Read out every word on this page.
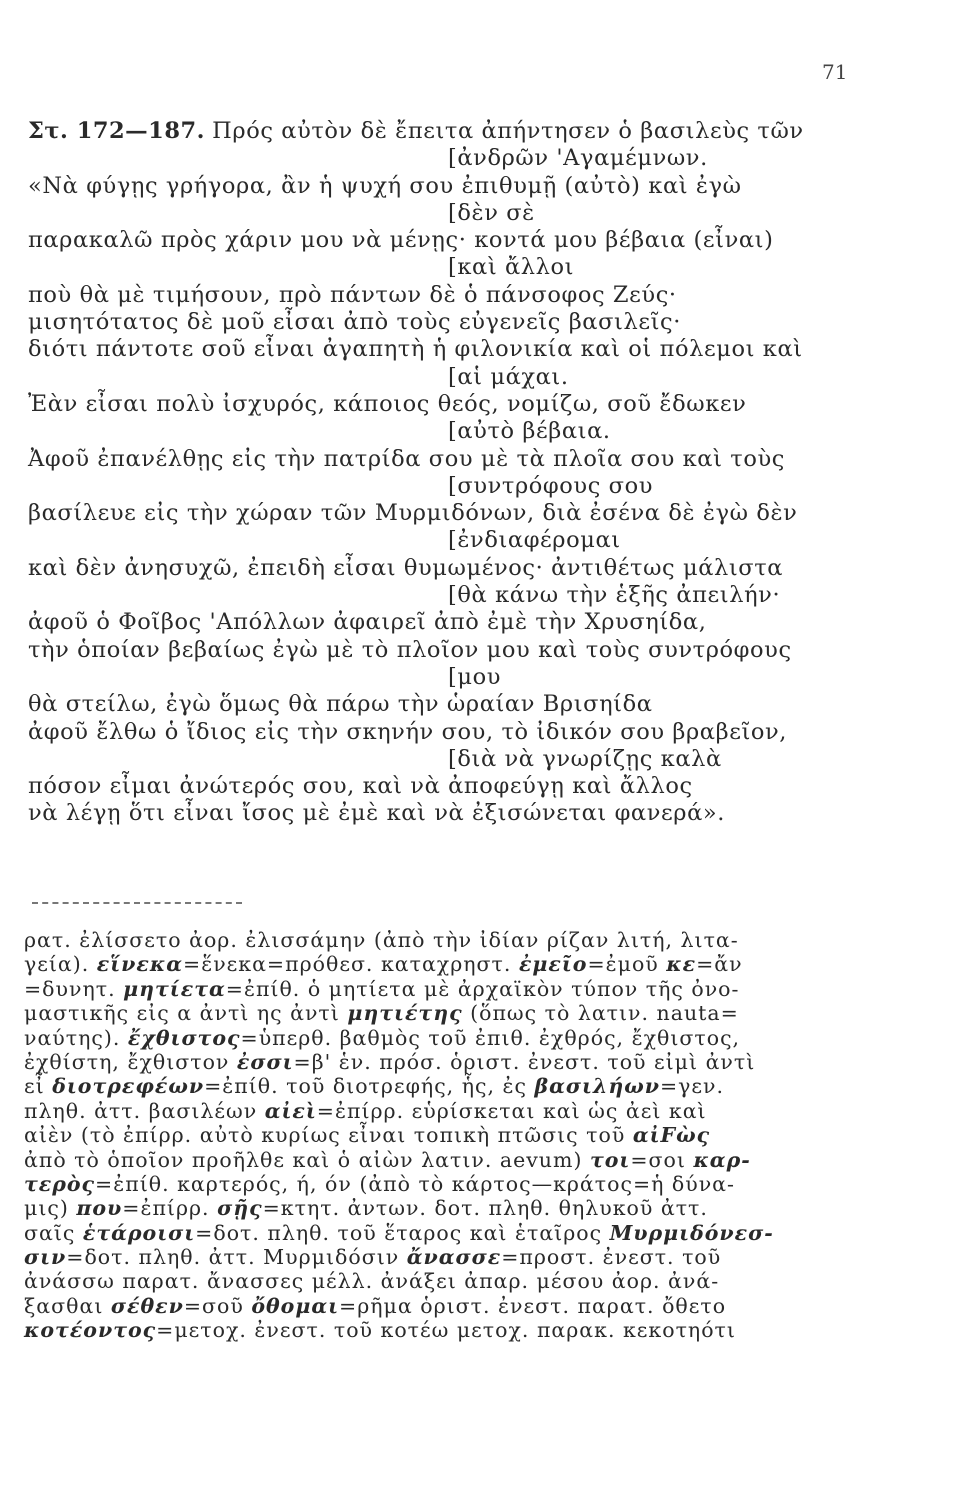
71
Στ. 172—187. Πρός αὐτὸν δὲ ἔπειτα ἀπήντησεν ὁ βασιλεὺς τῶν
[ἀνδρῶν 'Αγαμέμνων.
«Νὰ φύγῃς γρήγορα, ἂν ἡ ψυχή σου ἐπιθυμῇ (αὐτὸ) καὶ ἐγὼ
[δὲν σὲ
παρακαλῶ πρὸς χάριν μου νὰ μένῃς· κοντά μου βέβαια (εἶναι)
[καὶ ἄλλοι
ποὺ θὰ μὲ τιμήσουν, πρὸ πάντων δὲ ὁ πάνσοφος Ζεύς·
μισητότατος δὲ μοῦ εἶσαι ἀπὸ τοὺς εὐγενεῖς βασιλεῖς·
διότι πάντοτε σοῦ εἶναι ἀγαπητὴ ἡ φιλονικία καὶ οἱ πόλεμοι καὶ
[αἱ μάχαι.
Ἐὰν εἶσαι πολὺ ἰσχυρός, κάποιος θεός, νομίζω, σοῦ ἔδωκεν
[αὐτὸ βέβαια.
Ἀφοῦ ἐπανέλθῃς εἰς τὴν πατρίδα σου μὲ τὰ πλοῖα σου καὶ τοὺς
[συντρόφους σου
βασίλευε εἰς τὴν χώραν τῶν Μυρμιδόνων, διὰ ἐσένα δὲ ἐγὼ δὲν
[ἐνδιαφέρομαι
καὶ δὲν ἀνησυχῶ, ἐπειδὴ εἶσαι θυμωμένος· ἀντιθέτως μάλιστα
[θὰ κάνω τὴν ἑξῆς ἀπειλήν·
ἀφοῦ ὁ Φοῖβος 'Απόλλων ἀφαιρεῖ ἀπὸ ἐμὲ τὴν Χρυσηίδα,
τὴν ὁποίαν βεβαίως ἐγὼ μὲ τὸ πλοῖον μου καὶ τοὺς συντρόφους
[μου
θὰ στείλω, ἐγὼ ὅμως θὰ πάρω τὴν ὡραίαν Βρισηίδα
ἀφοῦ ἔλθω ὁ ἴδιος εἰς τὴν σκηνήν σου, τὸ ἰδικόν σου βραβεῖον,
[διὰ νὰ γνωρίζῃς καλὰ
πόσον εἶμαι ἀνώτερός σου, καὶ νὰ ἀποφεύγῃ καὶ ἄλλος
νὰ λέγῃ ὅτι εἶναι ἴσος μὲ ἐμὲ καὶ νὰ ἐξισώνεται φανερά».
ρατ. ἐλίσσετο ἀορ. ἐλισσάμην (ἀπὸ τὴν ἰδίαν ρίζαν λιτή, λιτα-
γεία). εἵνεκα=ἕνεκα=πρόθεσ. καταχρηστ. ἐμεῖο=ἐμοῦ κε=ἄν
=δυνητ. μητίετα=ἐπίθ. ὁ μητίετα μὲ ἀρχαϊκὸν τύπον τῆς ὀνο-
μαστικῆς εἰς α ἀντὶ ης ἀντὶ μητιέτης (ὅπως τὸ λατιν. nauta=
ναύτης). ἔχθιστος=ὑπερθ. βαθμὸς τοῦ ἐπιθ. ἐχθρός, ἔχθιστος,
ἐχθίστη, ἔχθιστον ἐσσι=β' ἑν. πρόσ. ὁριστ. ἐνεστ. τοῦ εἰμὶ ἀντὶ
εἶ διοτρεφέων=ἐπίθ. τοῦ διοτρεφής, ἧς, ἐς βασιλήων=γεν.
πληθ. ἀττ. βασιλέων αἰεὶ=ἐπίρρ. εὑρίσκεται καὶ ὡς ἀεὶ καὶ
αἰὲν (τὸ ἐπίρρ. αὐτὸ κυρίως εἶναι τοπικὴ πτῶσις τοῦ αἰFὼς
ἀπὸ τὸ ὁποῖον προῆλθε καὶ ὁ αἰὼν λατιν. aevum) τοι=σοι καρ-
τερὸς=ἐπίθ. καρτερός, ή, όν (ἀπὸ τὸ κάρτος—κράτος=ἡ δύνα-
μις) που=ἐπίρρ. σῇς=κτητ. ἀντων. δοτ. πληθ. θηλυκοῦ ἀττ.
σαῖς ἑτάροισι=δοτ. πληθ. τοῦ ἕταρος καὶ ἑταῖρος Μυρμιδόνεσ-
σιν=δοτ. πληθ. ἀττ. Μυρμιδόσιν ἄνασσε=προστ. ἐνεστ. τοῦ
ἀνάσσω παρατ. ἄνασσες μέλλ. ἀνάξει ἀπαρ. μέσου ἀορ. ἀνά-
ξασθαι σέθεν=σοῦ ὄθομαι=ρῆμα ὁριστ. ἐνεστ. παρατ. ὄθετο
κοτέοντος=μετοχ. ἐνεστ. τοῦ κοτέω μετοχ. παρακ. κεκοτηότι
